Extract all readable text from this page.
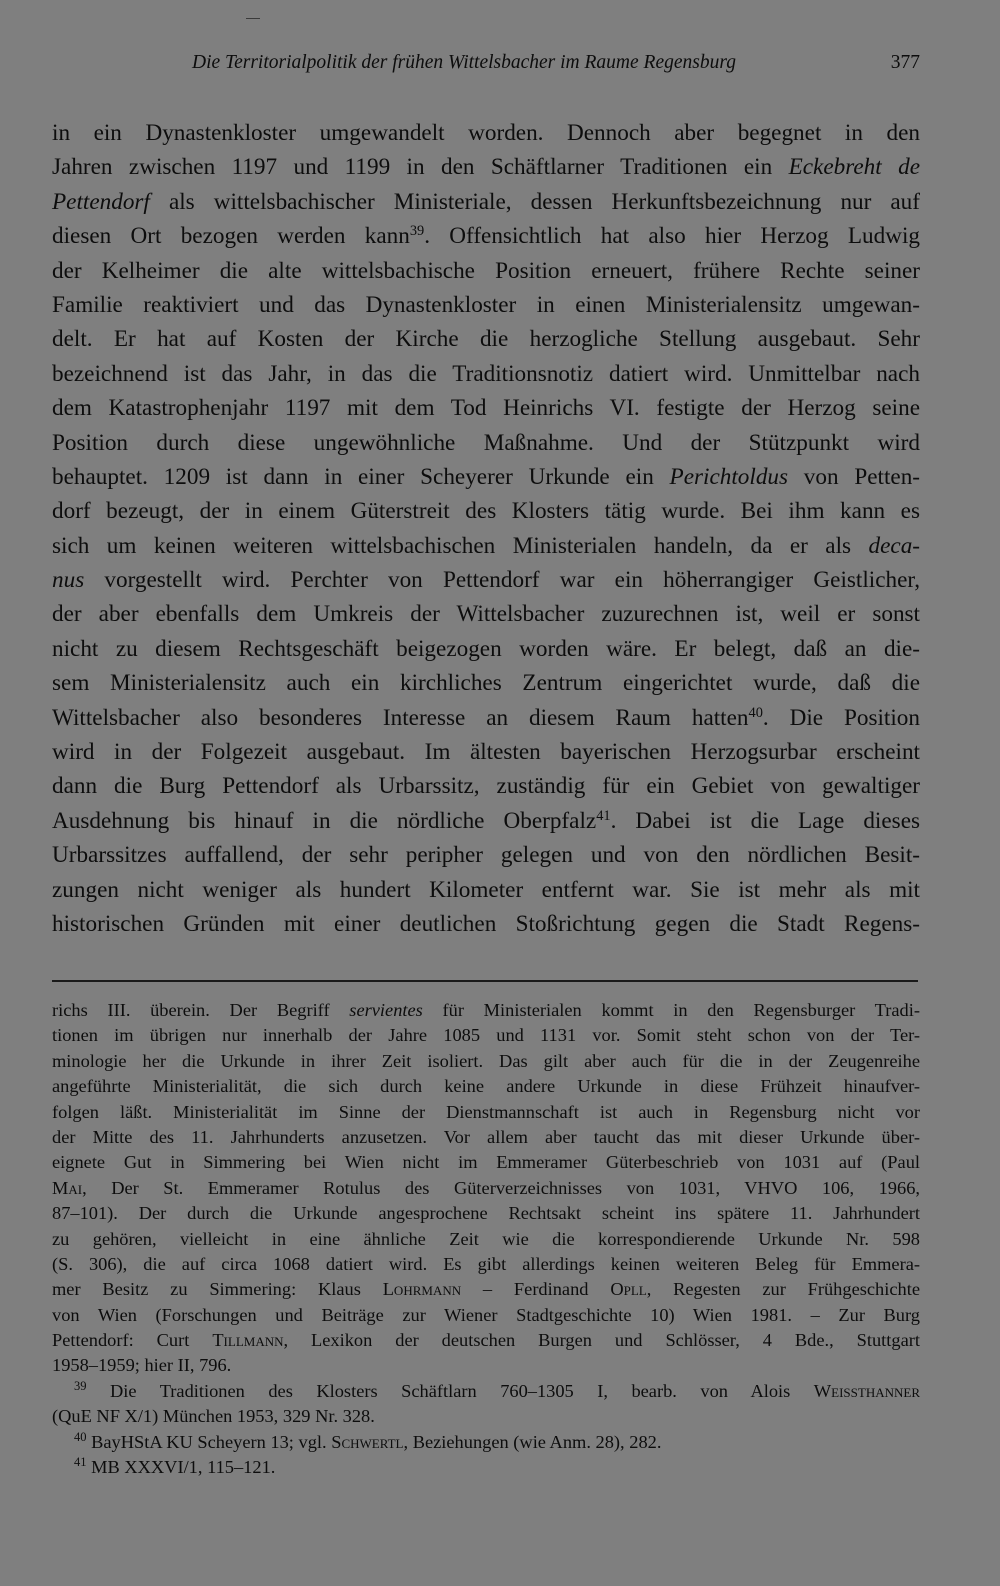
Die Territorialpolitik der frühen Wittelsbacher im Raume Regensburg	377
in ein Dynastenkloster umgewandelt worden. Dennoch aber begegnet in den
Jahren zwischen 1197 und 1199 in den Schäftlarner Traditionen ein Eckebreht de
Pettendorf als wittelsbachischer Ministeriale, dessen Herkunftsbezeichnung nur auf
diesen Ort bezogen werden kann$^{39}$. Offensichtlich hat also hier Herzog Ludwig
der Kelheimer die alte wittelsbachische Position erneuert, frühere Rechte seiner
Familie reaktiviert und das Dynastenkloster in einen Ministerialensitz umgewan-
delt. Er hat auf Kosten der Kirche die herzogliche Stellung ausgebaut. Sehr
bezeichnend ist das Jahr, in das die Traditionsnotiz datiert wird. Unmittelbar nach
dem Katastrophenjahr 1197 mit dem Tod Heinrichs VI. festigte der Herzog seine
Position durch diese ungewöhnliche Maßnahme. Und der Stützpunkt wird
behauptet. 1209 ist dann in einer Scheyerer Urkunde ein Perichtoldus von Petten-
dorf bezeugt, der in einem Güterstreit des Klosters tätig wurde. Bei ihm kann es
sich um keinen weiteren wittelsbachischen Ministerialen handeln, da er als deca-
nus vorgestellt wird. Perchter von Pettendorf war ein höherrangiger Geistlicher,
der aber ebenfalls dem Umkreis der Wittelsbacher zuzurechnen ist, weil er sonst
nicht zu diesem Rechtsgeschäft beigezogen worden wäre. Er belegt, daß an die-
sem Ministerialensitz auch ein kirchliches Zentrum eingerichtet wurde, daß die
Wittelsbacher also besonderes Interesse an diesem Raum hatten$^{40}$. Die Position
wird in der Folgezeit ausgebaut. Im ältesten bayerischen Herzogsurbar erscheint
dann die Burg Pettendorf als Urbarssitz, zuständig für ein Gebiet von gewaltiger
Ausdehnung bis hinauf in die nördliche Oberpfalz$^{41}$. Dabei ist die Lage dieses
Urbarssitzes auffallend, der sehr peripher gelegen und von den nördlichen Besit-
zungen nicht weniger als hundert Kilometer entfernt war. Sie ist mehr als mit
historischen Gründen mit einer deutlichen Stoßrichtung gegen die Stadt Regens-
richs III. überein. Der Begriff servientes für Ministerialen kommt in den Regensburger Tradi-
tionen im übrigen nur innerhalb der Jahre 1085 und 1131 vor. Somit steht schon von der Ter-
minologie her die Urkunde in ihrer Zeit isoliert. Das gilt aber auch für die in der Zeugenreihe
angeführte Ministerialität, die sich durch keine andere Urkunde in diese Frühzeit hinaufver-
folgen läßt. Ministerialität im Sinne der Dienstmannschaft ist auch in Regensburg nicht vor
der Mitte des 11. Jahrhunderts anzusetzen. Vor allem aber taucht das mit dieser Urkunde über-
eignete Gut in Simmering bei Wien nicht im Emmeramer Güterbeschrieb von 1031 auf (Paul
Mai, Der St. Emmeramer Rotulus des Güterverzeichnisses von 1031, VHVO 106, 1966,
87–101). Der durch die Urkunde angesprochene Rechtsakt scheint ins spätere 11. Jahrhundert
zu gehören, vielleicht in eine ähnliche Zeit wie die korrespondierende Urkunde Nr. 598
(S. 306), die auf circa 1068 datiert wird. Es gibt allerdings keinen weiteren Beleg für Emmera-
mer Besitz zu Simmering: Klaus Lohrmann – Ferdinand Opll, Regesten zur Frühgeschichte
von Wien (Forschungen und Beiträge zur Wiener Stadtgeschichte 10) Wien 1981. – Zur Burg
Pettendorf: Curt Tillmann, Lexikon der deutschen Burgen und Schlösser, 4 Bde., Stuttgart
1958–1959; hier II, 796.
$^{39}$ Die Traditionen des Klosters Schäftlarn 760–1305 I, bearb. von Alois Weissthanner
(QuE NF X/1) München 1953, 329 Nr. 328.
$^{40}$ BayHStA KU Scheyern 13; vgl. Schwertl, Beziehungen (wie Anm. 28), 282.
$^{41}$ MB XXXVI/1, 115–121.
